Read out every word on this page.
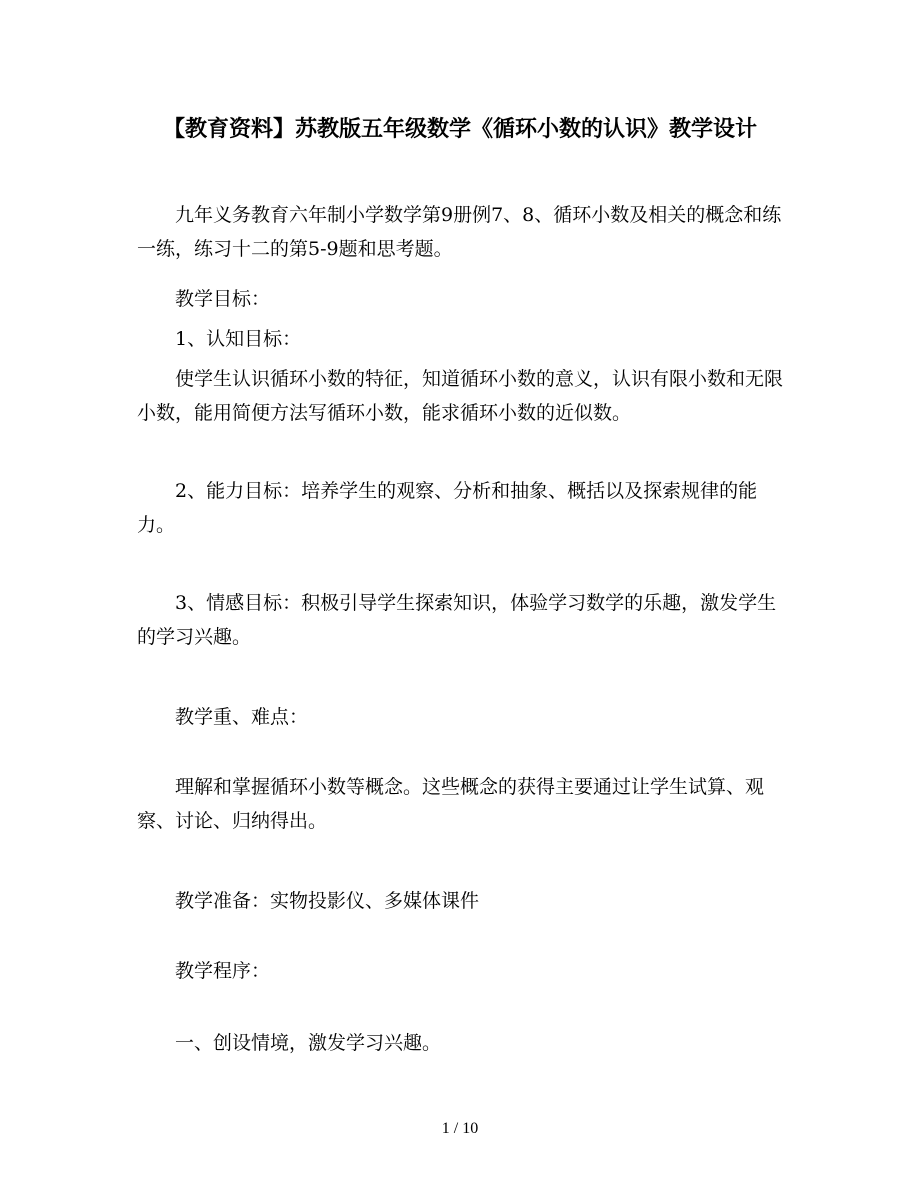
【教育资料】苏教版五年级数学《循环小数的认识》教学设计

九年义务教育六年制小学数学第9册例7、8、循环小数及相关的概念和练一练，练习十二的第5-9题和思考题。

教学目标：

1、认知目标：

使学生认识循环小数的特征，知道循环小数的意义，认识有限小数和无限小数，能用简便方法写循环小数，能求循环小数的近似数。

2、能力目标：培养学生的观察、分析和抽象、概括以及探索规律的能力。

3、情感目标：积极引导学生探索知识，体验学习数学的乐趣，激发学生的学习兴趣。

教学重、难点：

理解和掌握循环小数等概念。这些概念的获得主要通过让学生试算、观察、讨论、归纳得出。

教学准备：实物投影仪、多媒体课件

教学程序：

一、创设情境，激发学习兴趣。

1 / 10
